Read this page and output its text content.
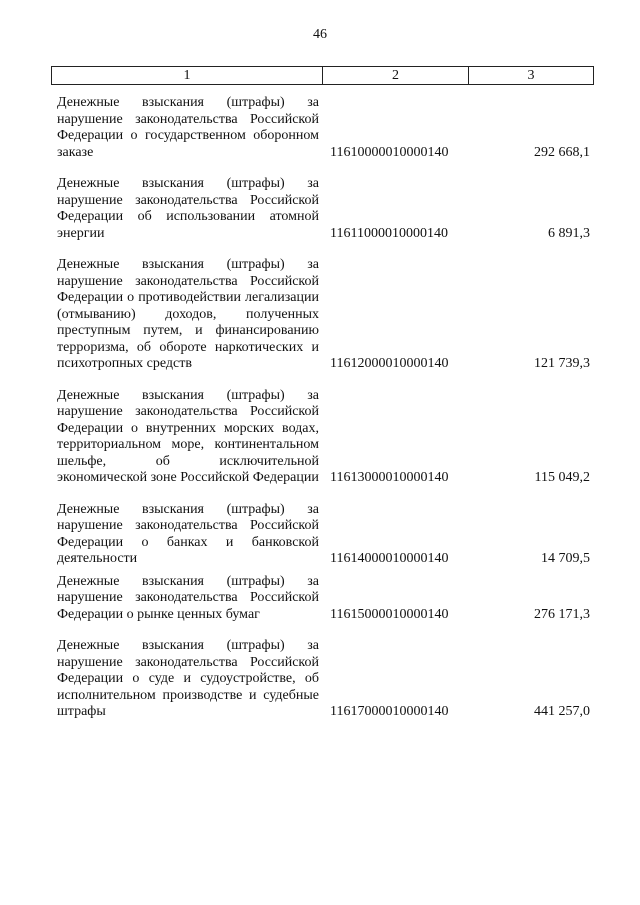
46
1	2	3
Денежные взыскания (штрафы) за нарушение законодательства Российской Федерации о государственном оборонном заказе	11610000010000140	292 668,1
Денежные взыскания (штрафы) за нарушение законодательства Российской Федерации об использовании атомной энергии	11611000010000140	6 891,3
Денежные взыскания (штрафы) за нарушение законодательства Российской Федерации о противодействии легализации (отмыванию) доходов, полученных преступным путем, и финансированию терроризма, об обороте наркотических и психотропных средств	11612000010000140	121 739,3
Денежные взыскания (штрафы) за нарушение законодательства Российской Федерации о внутренних морских водах, территориальном море, континентальном шельфе, об исключительной экономической зоне Российской Федерации 11613000010000140	115 049,2
Денежные взыскания (штрафы) за нарушение законодательства Российской Федерации о банках и банковской деятельности	11614000010000140	14 709,5
Денежные взыскания (штрафы) за нарушение законодательства Российской Федерации о рынке ценных бумаг	11615000010000140	276 171,3
Денежные взыскания (штрафы) за нарушение законодательства Российской Федерации о суде и судоустройстве, об исполнительном производстве и судебные штрафы	11617000010000140	441 257,0
